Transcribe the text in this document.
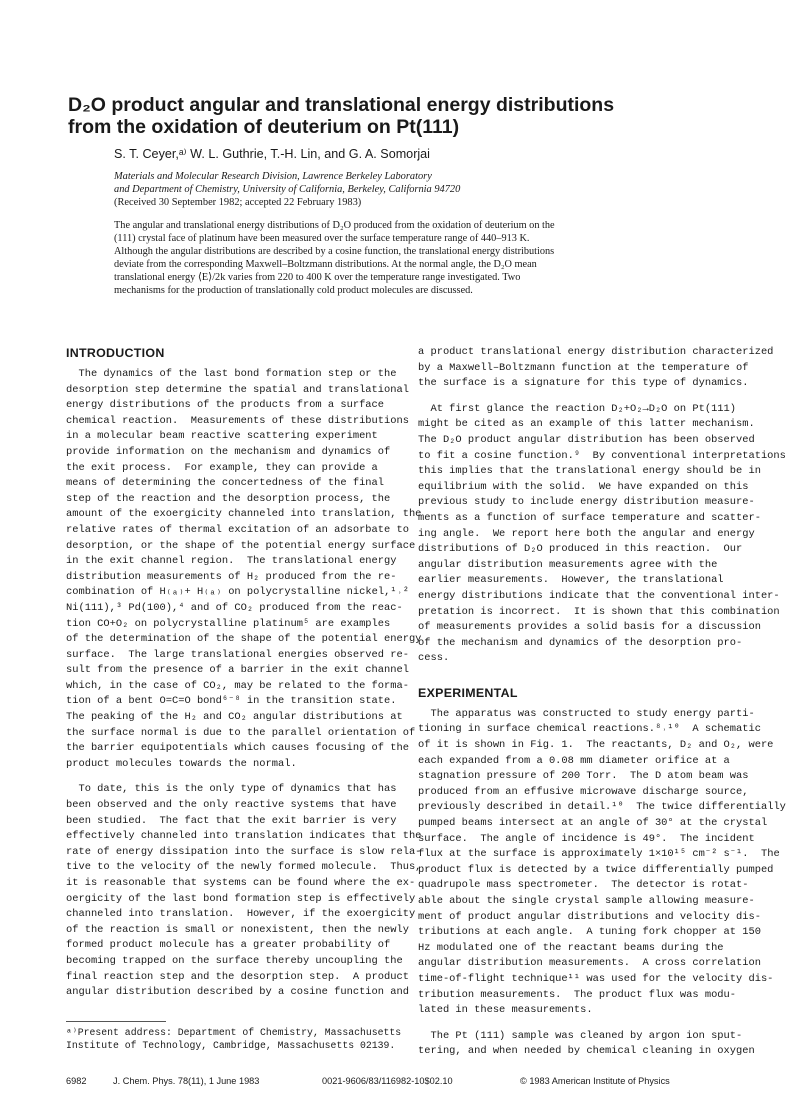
D₂O product angular and translational energy distributions
from the oxidation of deuterium on Pt(111)
S. T. Ceyer,ᵃ⁾ W. L. Guthrie, T.-H. Lin, and G. A. Somorjai
Materials and Molecular Research Division, Lawrence Berkeley Laboratory
and Department of Chemistry, University of California, Berkeley, California 94720
(Received 30 September 1982; accepted 22 February 1983)
The angular and translational energy distributions of D₂O produced from the oxidation of deuterium on the
(111) crystal face of platinum have been measured over the surface temperature range of 440–913 K.
Although the angular distributions are described by a cosine function, the translational energy distributions
deviate from the corresponding Maxwell–Boltzmann distributions. At the normal angle, the D₂O mean
translational energy ⟨E⟩/2k varies from 220 to 400 K over the temperature range investigated. Two
mechanisms for the production of translationally cold product molecules are discussed.
INTRODUCTION
The dynamics of the last bond formation step or the
desorption step determine the spatial and translational
energy distributions of the products from a surface
chemical reaction.  Measurements of these distributions
in a molecular beam reactive scattering experiment
provide information on the mechanism and dynamics of
the exit process.  For example, they can provide a
means of determining the concertedness of the final
step of the reaction and the desorption process, the
amount of the exoergicity channeled into translation, the
relative rates of thermal excitation of an adsorbate to
desorption, or the shape of the potential energy surface
in the exit channel region.  The translational energy
distribution measurements of H₂ produced from the re-
combination of H₍ₐ₎+ H₍ₐ₎ on polycrystalline nickel,¹˒²
Ni(111),³ Pd(100),⁴ and of CO₂ produced from the reac-
tion CO+O₂ on polycrystalline platinum⁵ are examples
of the determination of the shape of the potential energy
surface.  The large translational energies observed re-
sult from the presence of a barrier in the exit channel
which, in the case of CO₂, may be related to the forma-
tion of a bent O=C=O bond⁶⁻⁸ in the transition state.
The peaking of the H₂ and CO₂ angular distributions at
the surface normal is due to the parallel orientation of
the barrier equipotentials which causes focusing of the
product molecules towards the normal.
To date, this is the only type of dynamics that has
been observed and the only reactive systems that have
been studied.  The fact that the exit barrier is very
effectively channeled into translation indicates that the
rate of energy dissipation into the surface is slow rela-
tive to the velocity of the newly formed molecule.  Thus,
it is reasonable that systems can be found where the ex-
oergicity of the last bond formation step is effectively
channeled into translation.  However, if the exoergicity
of the reaction is small or nonexistent, then the newly
formed product molecule has a greater probability of
becoming trapped on the surface thereby uncoupling the
final reaction step and the desorption step.  A product
angular distribution described by a cosine function and
a product translational energy distribution characterized
by a Maxwell–Boltzmann function at the temperature of
the surface is a signature for this type of dynamics.
At first glance the reaction D₂+O₂→D₂O on Pt(111)
might be cited as an example of this latter mechanism.
The D₂O product angular distribution has been observed
to fit a cosine function.⁹  By conventional interpretations
this implies that the translational energy should be in
equilibrium with the solid.  We have expanded on this
previous study to include energy distribution measure-
ments as a function of surface temperature and scatter-
ing angle.  We report here both the angular and energy
distributions of D₂O produced in this reaction.  Our
angular distribution measurements agree with the
earlier measurements.  However, the translational
energy distributions indicate that the conventional inter-
pretation is incorrect.  It is shown that this combination
of measurements provides a solid basis for a discussion
of the mechanism and dynamics of the desorption pro-
cess.
EXPERIMENTAL
The apparatus was constructed to study energy parti-
tioning in surface chemical reactions.⁸˒¹⁰  A schematic
of it is shown in Fig. 1.  The reactants, D₂ and O₂, were
each expanded from a 0.08 mm diameter orifice at a
stagnation pressure of 200 Torr.  The D atom beam was
produced from an effusive microwave discharge source,
previously described in detail.¹⁰  The twice differentially
pumped beams intersect at an angle of 30° at the crystal
surface.  The angle of incidence is 49°.  The incident
flux at the surface is approximately 1×10¹⁵ cm⁻² s⁻¹.  The
product flux is detected by a twice differentially pumped
quadrupole mass spectrometer.  The detector is rotat-
able about the single crystal sample allowing measure-
ment of product angular distributions and velocity dis-
tributions at each angle.  A tuning fork chopper at 150
Hz modulated one of the reactant beams during the
angular distribution measurements.  A cross correlation
time-of-flight technique¹¹ was used for the velocity dis-
tribution measurements.  The product flux was modu-
lated in these measurements.
The Pt (111) sample was cleaned by argon ion sput-
tering, and when needed by chemical cleaning in oxygen
ᵃ⁾Present address: Department of Chemistry, Massachusetts
Institute of Technology, Cambridge, Massachusetts 02139.
6982	J. Chem. Phys. 78(11), 1 June 1983	0021-9606/83/116982-10$02.10	© 1983 American Institute of Physics
